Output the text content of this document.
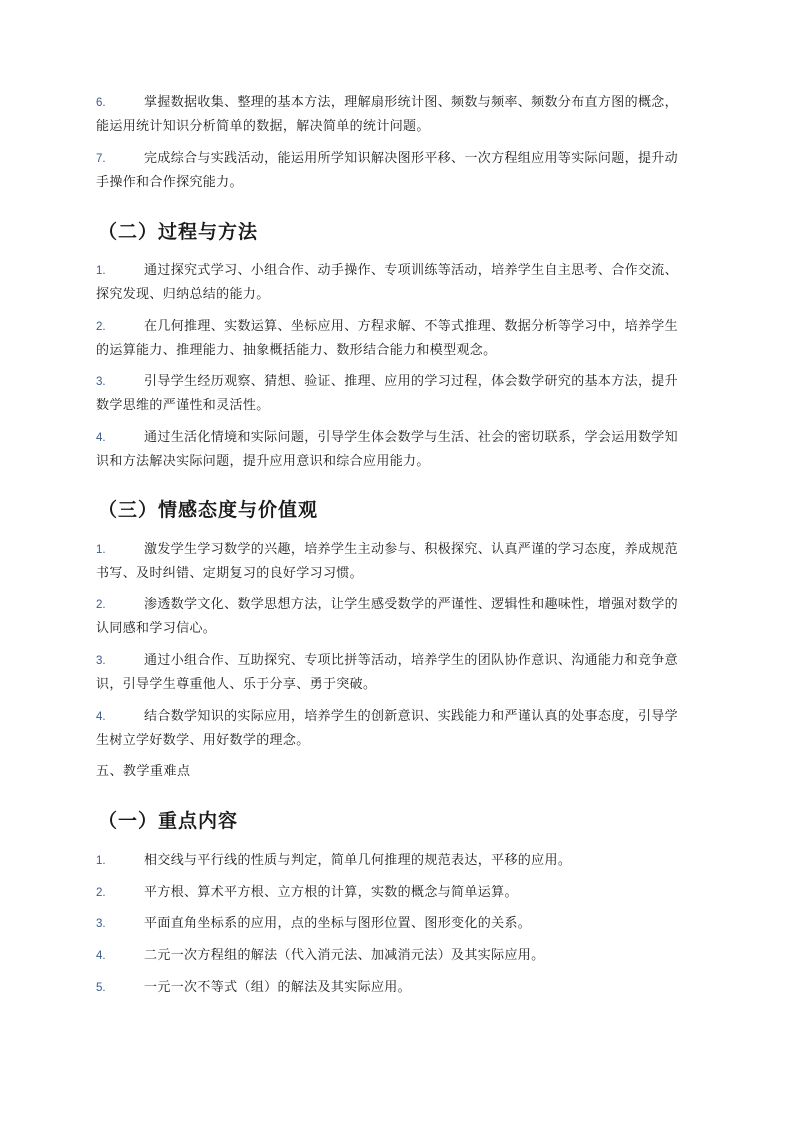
6.	掌握数据收集、整理的基本方法，理解扇形统计图、频数与频率、频数分布直方图的概念，能运用统计知识分析简单的数据，解决简单的统计问题。
7.	完成综合与实践活动，能运用所学知识解决图形平移、一次方程组应用等实际问题，提升动手操作和合作探究能力。
（二）过程与方法
1.	通过探究式学习、小组合作、动手操作、专项训练等活动，培养学生自主思考、合作交流、探究发现、归纳总结的能力。
2.	在几何推理、实数运算、坐标应用、方程求解、不等式推理、数据分析等学习中，培养学生的运算能力、推理能力、抽象概括能力、数形结合能力和模型观念。
3.	引导学生经历观察、猜想、验证、推理、应用的学习过程，体会数学研究的基本方法，提升数学思维的严谨性和灵活性。
4.	通过生活化情境和实际问题，引导学生体会数学与生活、社会的密切联系，学会运用数学知识和方法解决实际问题，提升应用意识和综合应用能力。
（三）情感态度与价值观
1.	激发学生学习数学的兴趣，培养学生主动参与、积极探究、认真严谨的学习态度，养成规范书写、及时纠错、定期复习的良好学习习惯。
2.	渗透数学文化、数学思想方法，让学生感受数学的严谨性、逻辑性和趣味性，增强对数学的认同感和学习信心。
3.	通过小组合作、互助探究、专项比拼等活动，培养学生的团队协作意识、沟通能力和竞争意识，引导学生尊重他人、乐于分享、勇于突破。
4.	结合数学知识的实际应用，培养学生的创新意识、实践能力和严谨认真的处事态度，引导学生树立学好数学、用好数学的理念。
五、教学重难点
（一）重点内容
1.	相交线与平行线的性质与判定，简单几何推理的规范表达，平移的应用。
2.	平方根、算术平方根、立方根的计算，实数的概念与简单运算。
3.	平面直角坐标系的应用，点的坐标与图形位置、图形变化的关系。
4.	二元一次方程组的解法（代入消元法、加减消元法）及其实际应用。
5.	一元一次不等式（组）的解法及其实际应用。
